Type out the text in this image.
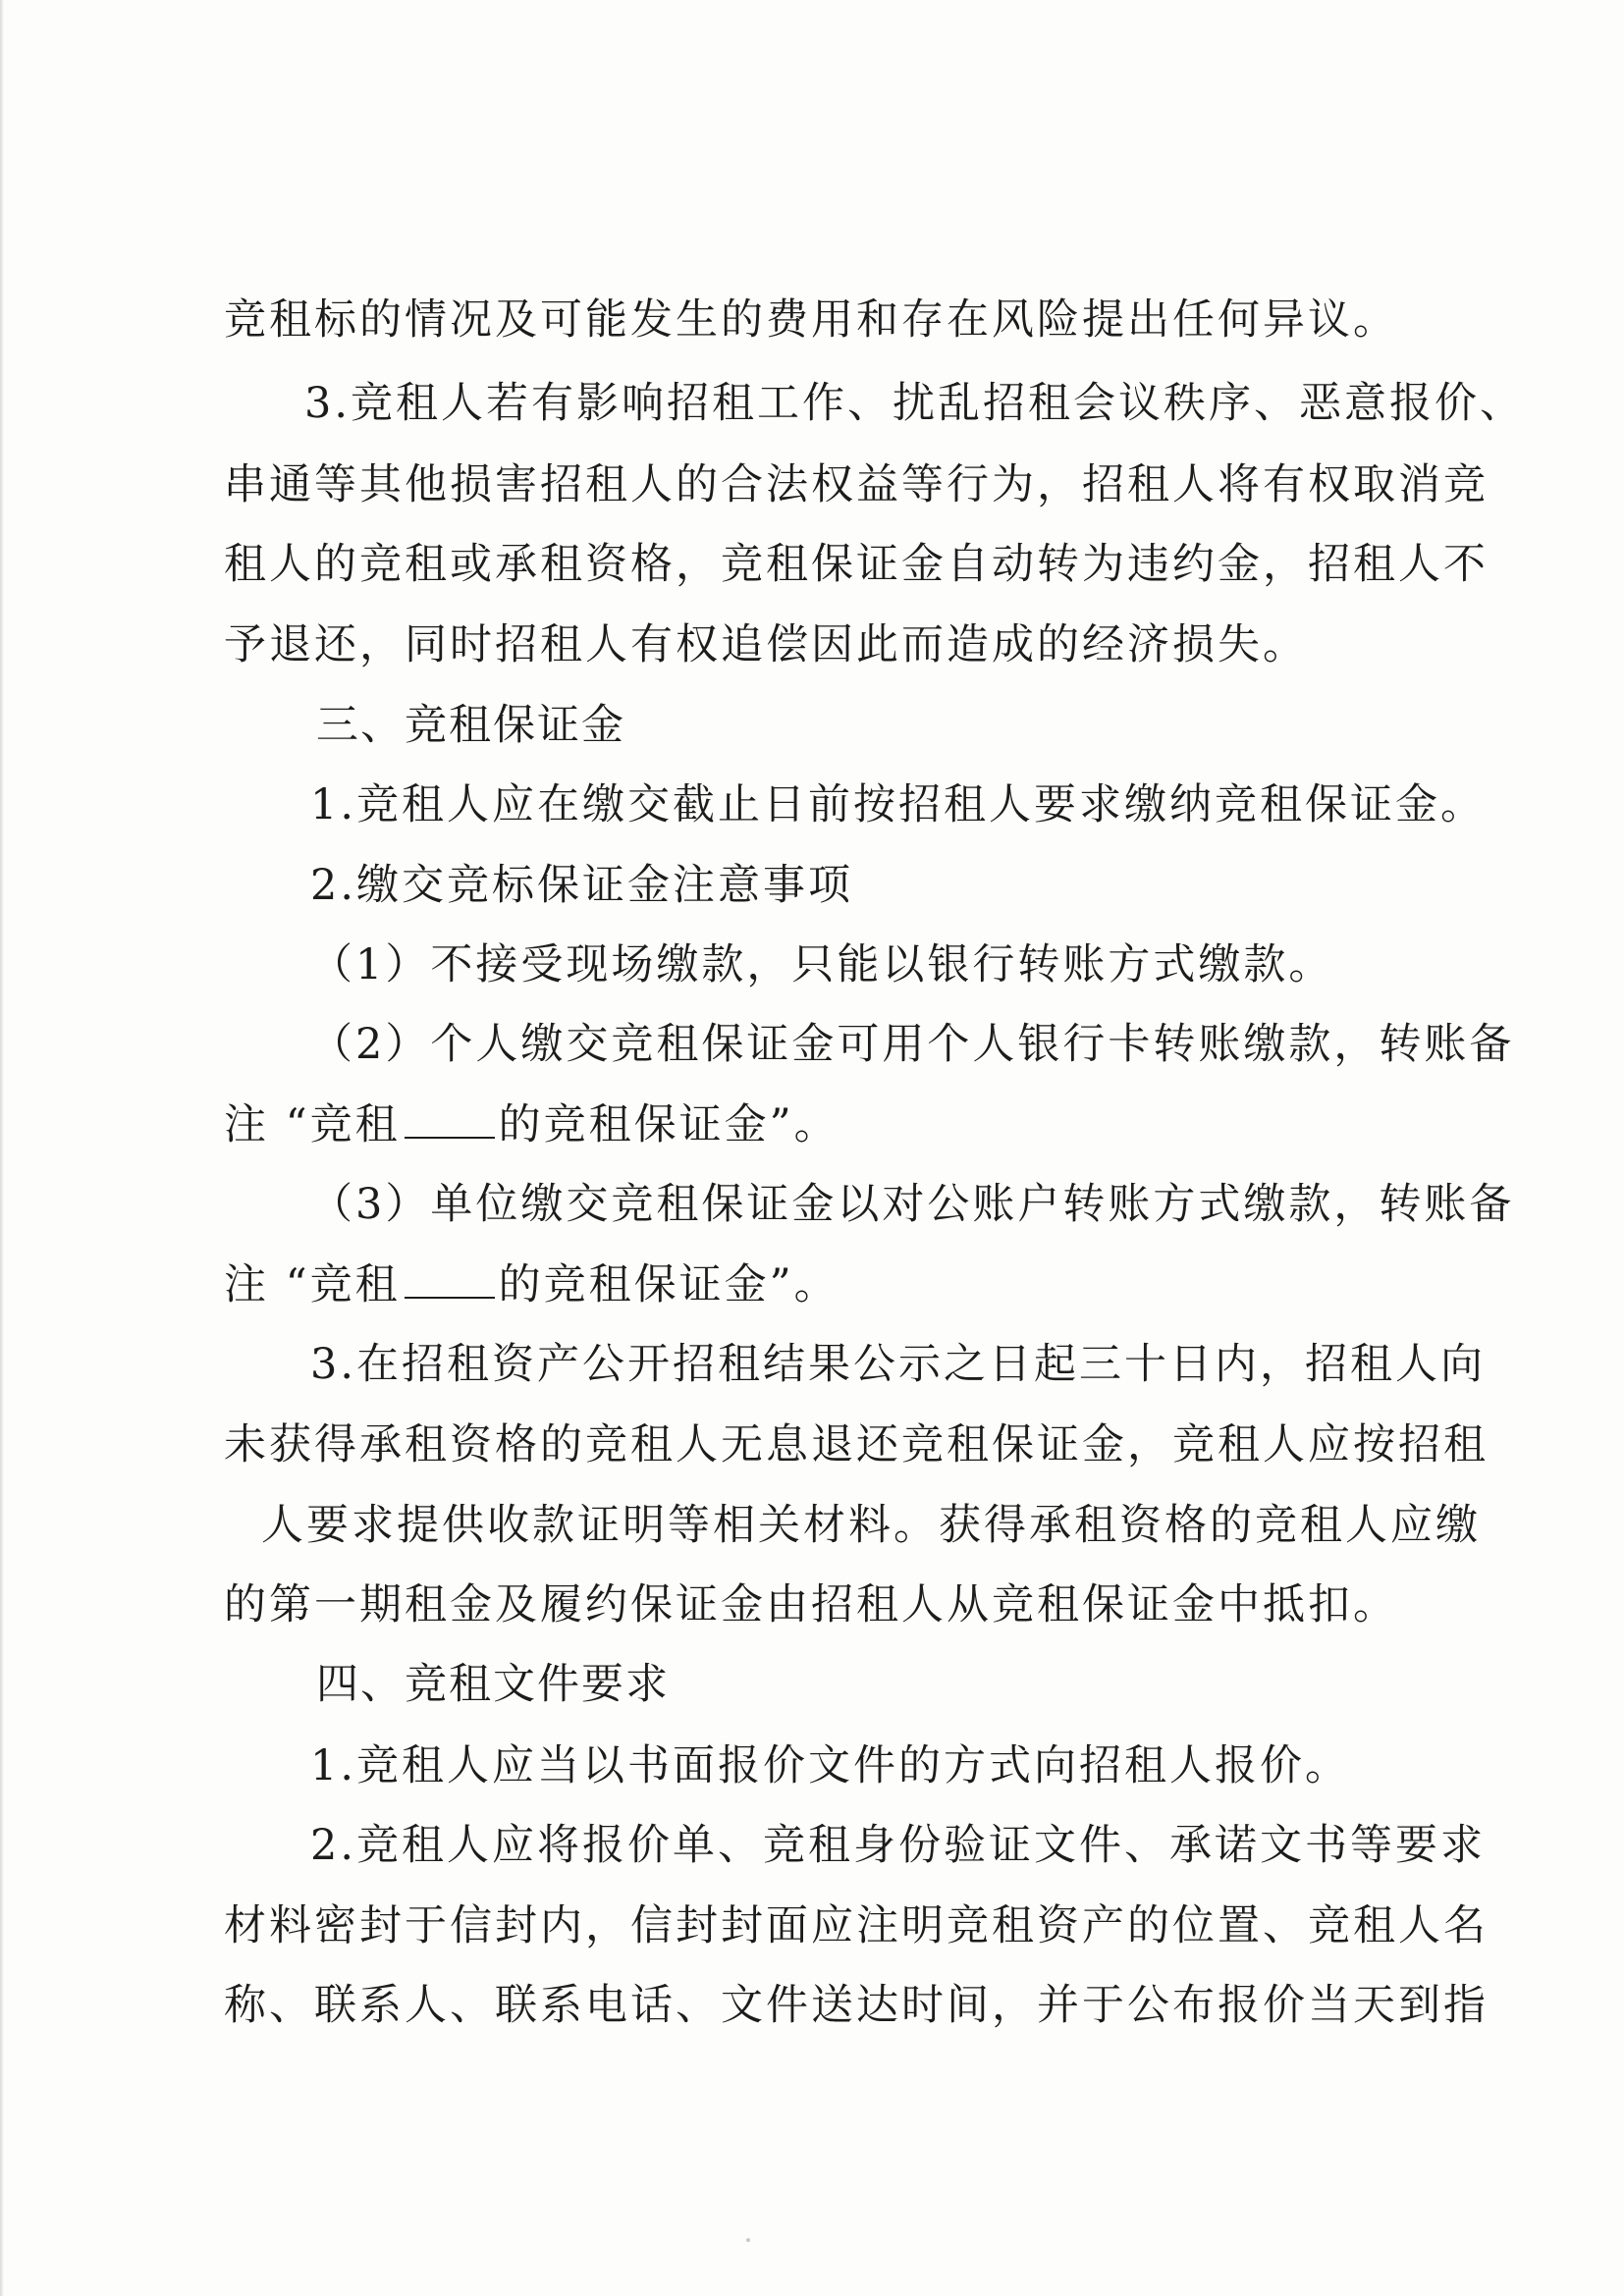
竞租标的情况及可能发生的费用和存在风险提出任何异议。
3.竞租人若有影响招租工作、扰乱招租会议秩序、恶意报价、
串通等其他损害招租人的合法权益等行为，招租人将有权取消竞
租人的竞租或承租资格，竞租保证金自动转为违约金，招租人不
予退还，同时招租人有权追偿因此而造成的经济损失。
三、竞租保证金
1.竞租人应在缴交截止日前按招租人要求缴纳竞租保证金。
2.缴交竞标保证金注意事项
（1）不接受现场缴款，只能以银行转账方式缴款。
（2）个人缴交竞租保证金可用个人银行卡转账缴款，转账备
注 “竞租 的竞租保证金”。
（3）单位缴交竞租保证金以对公账户转账方式缴款，转账备
注 “竞租 的竞租保证金”。
3.在招租资产公开招租结果公示之日起三十日内，招租人向
未获得承租资格的竞租人无息退还竞租保证金，竞租人应按招租
人要求提供收款证明等相关材料。获得承租资格的竞租人应缴
的第一期租金及履约保证金由招租人从竞租保证金中抵扣。
四、竞租文件要求
1.竞租人应当以书面报价文件的方式向招租人报价。
2.竞租人应将报价单、竞租身份验证文件、承诺文书等要求
材料密封于信封内，信封封面应注明竞租资产的位置、竞租人名
称、联系人、联系电话、文件送达时间，并于公布报价当天到指
